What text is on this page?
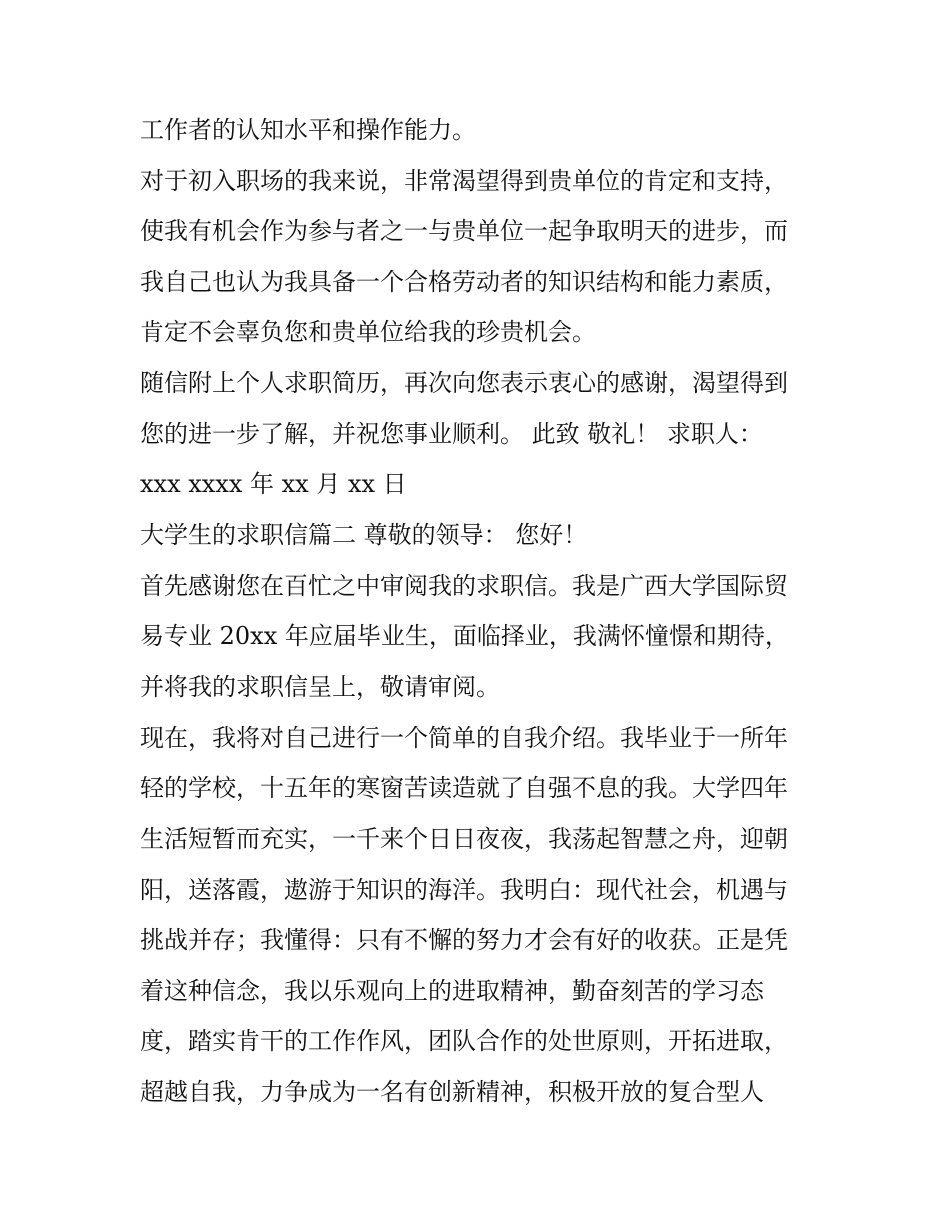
工作者的认知水平和操作能力。

对于初入职场的我来说，非常渴望得到贵单位的肯定和支持，

使我有机会作为参与者之一与贵单位一起争取明天的进步，而

我自己也认为我具备一个合格劳动者的知识结构和能力素质，

肯定不会辜负您和贵单位给我的珍贵机会。

随信附上个人求职简历，再次向您表示衷心的感谢，渴望得到

您的进一步了解，并祝您事业顺利。 此致 敬礼！ 求职人：

xxx xxxx 年 xx 月 xx 日

大学生的求职信篇二 尊敬的领导： 您好！

首先感谢您在百忙之中审阅我的求职信。我是广西大学国际贸

易专业 20xx 年应届毕业生，面临择业，我满怀憧憬和期待，

并将我的求职信呈上，敬请审阅。

现在，我将对自己进行一个简单的自我介绍。我毕业于一所年

轻的学校，十五年的寒窗苦读造就了自强不息的我。大学四年

生活短暂而充实，一千来个日日夜夜，我荡起智慧之舟，迎朝

阳，送落霞，遨游于知识的海洋。我明白：现代社会，机遇与

挑战并存；我懂得：只有不懈的努力才会有好的收获。正是凭

着这种信念，我以乐观向上的进取精神，勤奋刻苦的学习态

度，踏实肯干的工作作风，团队合作的处世原则，开拓进取，

超越自我，力争成为一名有创新精神，积极开放的复合型人
